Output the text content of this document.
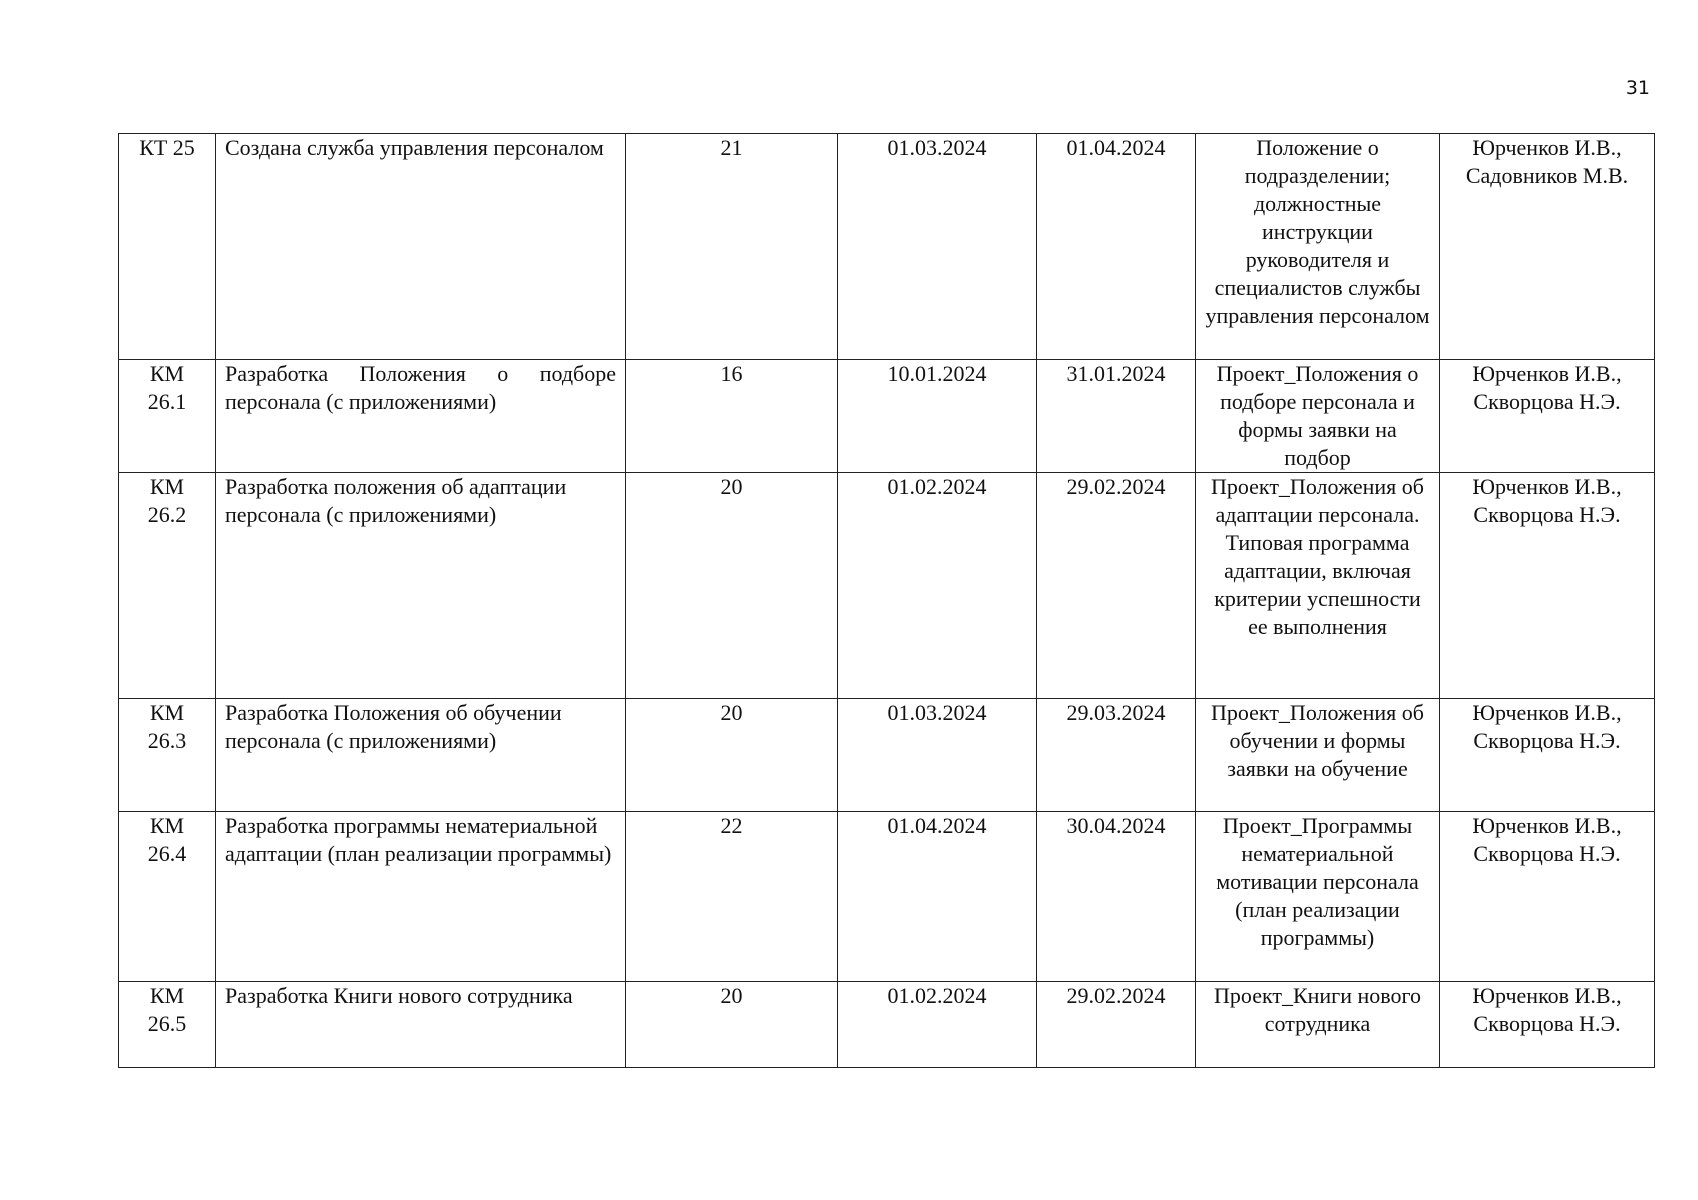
31
КТ 25	Создана служба управления персоналом	21	01.03.2024	01.04.2024	Положение о подразделении; должностные инструкции руководителя и специалистов службы управления персоналом	Юрченков И.В., Садовников М.В.
КМ 26.1	Разработка Положения о подборе персонала (с приложениями)	16	10.01.2024	31.01.2024	Проект_Положения о подборе персонала и формы заявки на подбор	Юрченков И.В., Скворцова Н.Э.
КМ 26.2	Разработка положения об адаптации персонала (с приложениями)	20	01.02.2024	29.02.2024	Проект_Положения об адаптации персонала. Типовая программа адаптации, включая критерии успешности ее выполнения	Юрченков И.В., Скворцова Н.Э.
КМ 26.3	Разработка Положения об обучении персонала (с приложениями)	20	01.03.2024	29.03.2024	Проект_Положения об обучении и формы заявки на обучение	Юрченков И.В., Скворцова Н.Э.
КМ 26.4	Разработка программы нематериальной адаптации (план реализации программы)	22	01.04.2024	30.04.2024	Проект_Программы нематериальной мотивации персонала (план реализации программы)	Юрченков И.В., Скворцова Н.Э.
КМ 26.5	Разработка Книги нового сотрудника	20	01.02.2024	29.02.2024	Проект_Книги нового сотрудника	Юрченков И.В., Скворцова Н.Э.
